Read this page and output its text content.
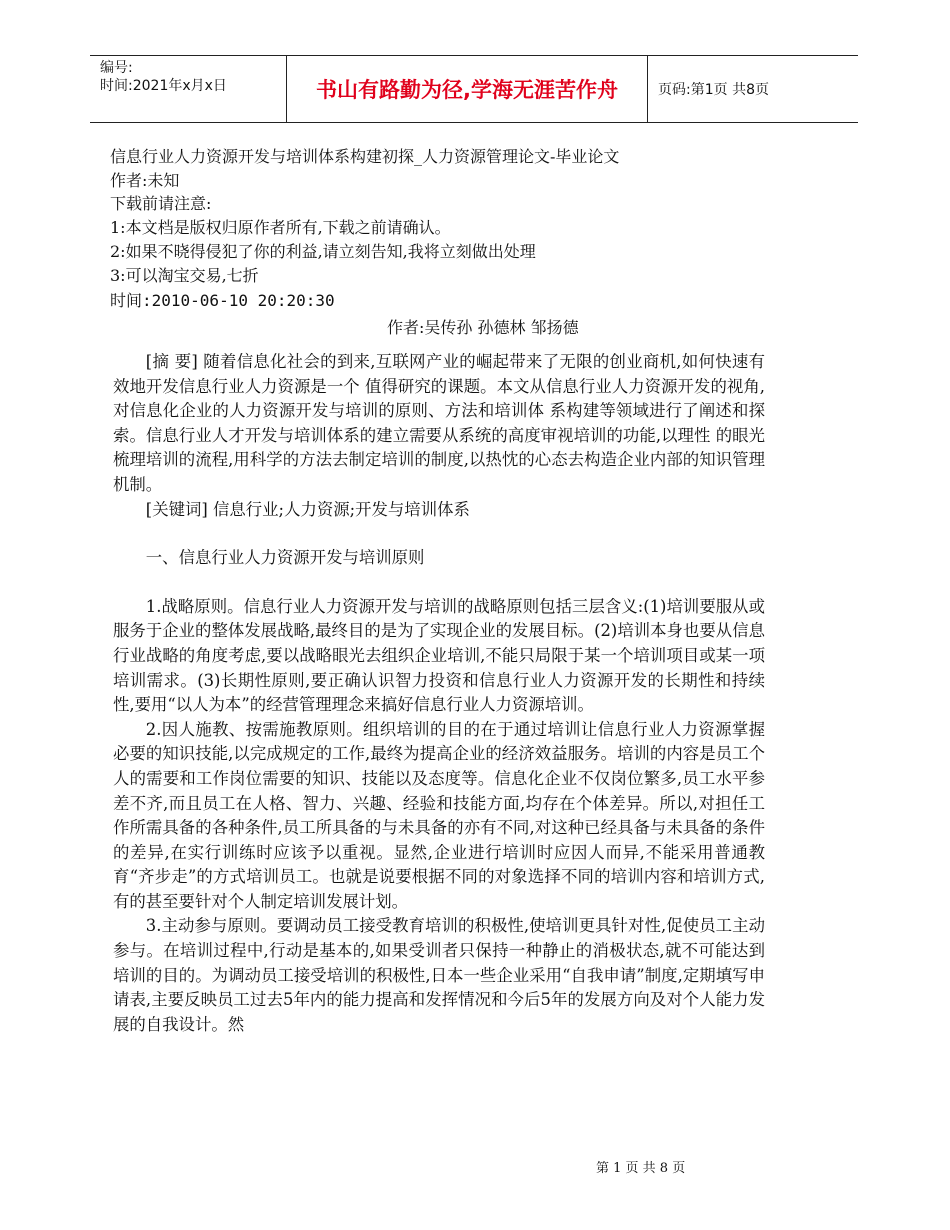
编号:
时间:2021年x月x日	书山有路勤为径,学海无涯苦作舟	页码:第1页 共8页
信息行业人力资源开发与培训体系构建初探_人力资源管理论文-毕业论文
作者:未知
下载前请注意:
1:本文档是版权归原作者所有,下载之前请确认。
2:如果不晓得侵犯了你的利益,请立刻告知,我将立刻做出处理
3:可以淘宝交易,七折
时间:2010-06-10 20:20:30
作者:吴传孙 孙德林 邹扬德

[摘 要] 随着信息化社会的到来,互联网产业的崛起带来了无限的创业商机,如何快速有效地开发信息行业人力资源是一个 值得研究的课题。本文从信息行业人力资源开发的视角,对信息化企业的人力资源开发与培训的原则、方法和培训体 系构建等领域进行了阐述和探索。信息行业人才开发与培训体系的建立需要从系统的高度审视培训的功能,以理性 的眼光梳理培训的流程,用科学的方法去制定培训的制度,以热忱的心态去构造企业内部的知识管理机制。

[关键词] 信息行业;人力资源;开发与培训体系

一、信息行业人力资源开发与培训原则

1.战略原则。信息行业人力资源开发与培训的战略原则包括三层含义:(1)培训要服从或服务于企业的整体发展战略,最终目的是为了实现企业的发展目标。(2)培训本身也要从信息行业战略的角度考虑,要以战略眼光去组织企业培训,不能只局限于某一个培训项目或某一项培训需求。(3)长期性原则,要正确认识智力投资和信息行业人力资源开发的长期性和持续性,要用“以人为本”的经营管理理念来搞好信息行业人力资源培训。

2.因人施教、按需施教原则。组织培训的目的在于通过培训让信息行业人力资源掌握必要的知识技能,以完成规定的工作,最终为提高企业的经济效益服务。培训的内容是员工个人的需要和工作岗位需要的知识、技能以及态度等。信息化企业不仅岗位繁多,员工水平参差不齐,而且员工在人格、智力、兴趣、经验和技能方面,均存在个体差异。所以,对担任工作所需具备的各种条件,员工所具备的与未具备的亦有不同,对这种已经具备与未具备的条件的差异,在实行训练时应该予以重视。显然,企业进行培训时应因人而异,不能采用普通教育“齐步走”的方式培训员工。也就是说要根据不同的对象选择不同的培训内容和培训方式,有的甚至要针对个人制定培训发展计划。

3.主动参与原则。要调动员工接受教育培训的积极性,使培训更具针对性,促使员工主动参与。在培训过程中,行动是基本的,如果受训者只保持一种静止的消极状态,就不可能达到培训的目的。为调动员工接受培训的积极性,日本一些企业采用“自我申请”制度,定期填写申请表,主要反映员工过去5年内的能力提高和发挥情况和今后5年的发展方向及对个人能力发展的自我设计。然

第 1 页 共 8 页
